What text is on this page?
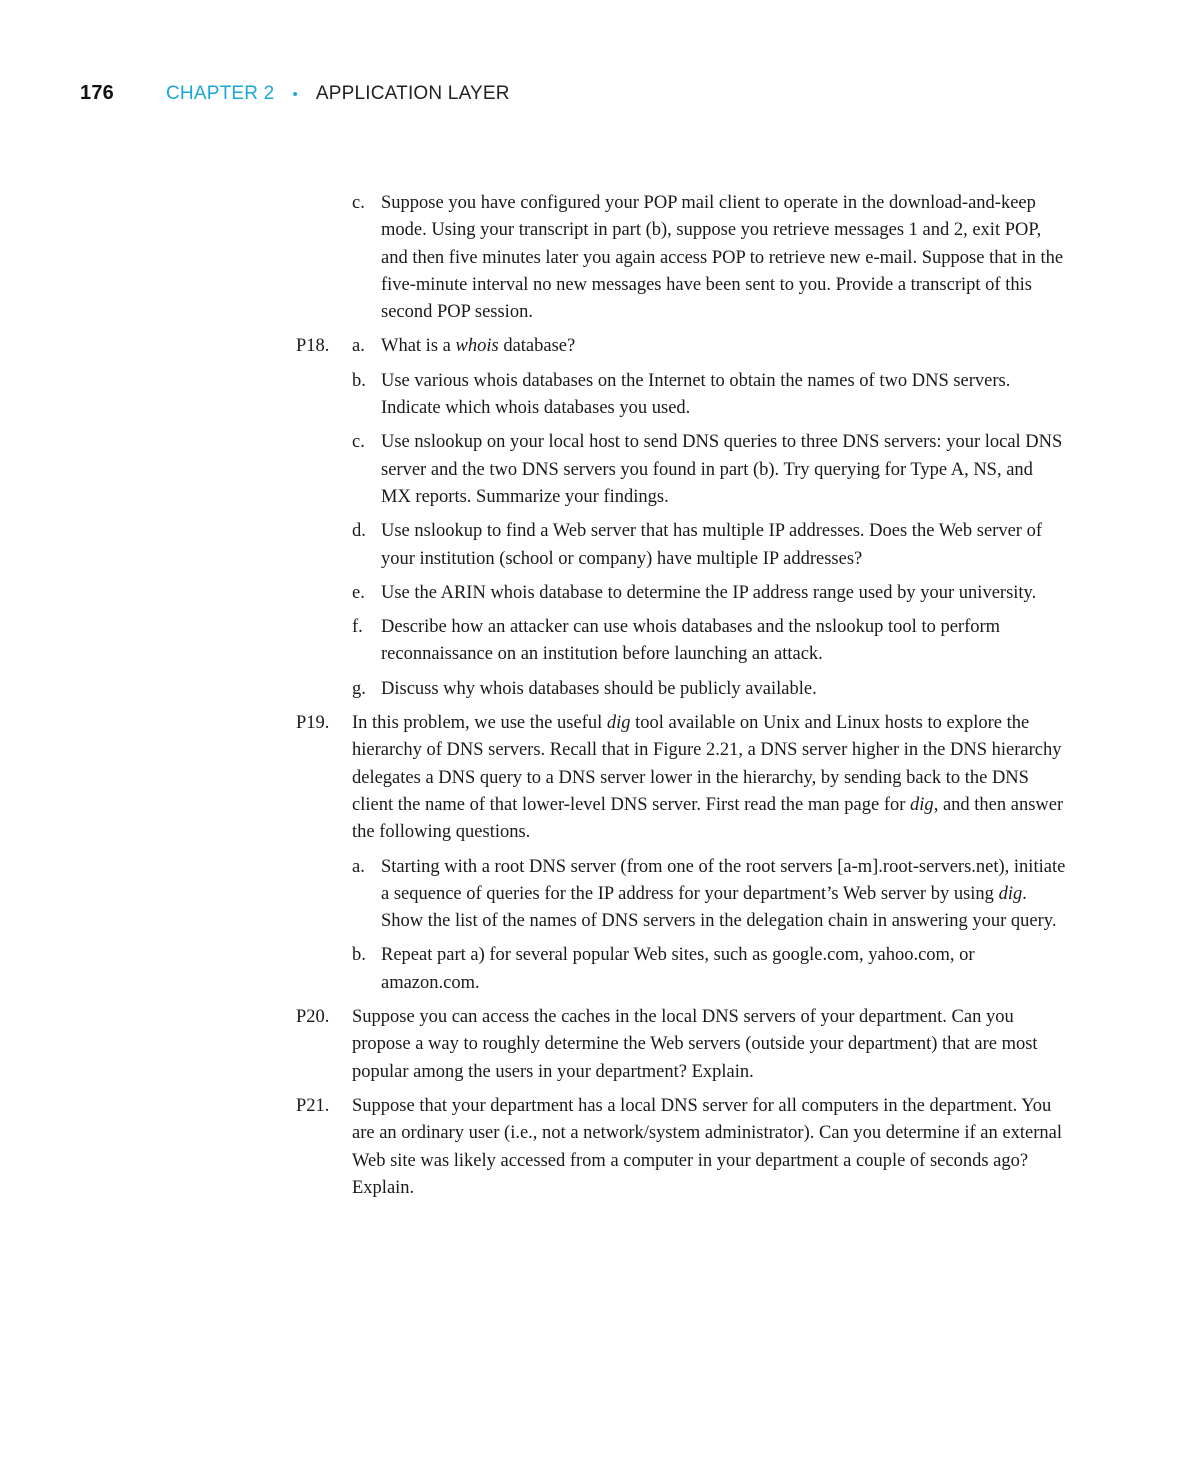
176	CHAPTER 2 • APPLICATION LAYER
c. Suppose you have configured your POP mail client to operate in the download-and-keep mode. Using your transcript in part (b), suppose you retrieve messages 1 and 2, exit POP, and then five minutes later you again access POP to retrieve new e-mail. Suppose that in the five-minute interval no new messages have been sent to you. Provide a transcript of this second POP session.

P18.	a. What is a whois database?

b. Use various whois databases on the Internet to obtain the names of two DNS servers. Indicate which whois databases you used.

c. Use nslookup on your local host to send DNS queries to three DNS servers: your local DNS server and the two DNS servers you found in part (b). Try querying for Type A, NS, and MX reports. Summarize your findings.

d. Use nslookup to find a Web server that has multiple IP addresses. Does the Web server of your institution (school or company) have multiple IP addresses?

e. Use the ARIN whois database to determine the IP address range used by your university.

f. Describe how an attacker can use whois databases and the nslookup tool to perform reconnaissance on an institution before launching an attack.

g. Discuss why whois databases should be publicly available.

P19.	In this problem, we use the useful dig tool available on Unix and Linux hosts to explore the hierarchy of DNS servers. Recall that in Figure 2.21, a DNS server higher in the DNS hierarchy delegates a DNS query to a DNS server lower in the hierarchy, by sending back to the DNS client the name of that lower-level DNS server. First read the man page for dig, and then answer the following questions.

a. Starting with a root DNS server (from one of the root servers [a-m].root-servers.net), initiate a sequence of queries for the IP address for your department’s Web server by using dig. Show the list of the names of DNS servers in the delegation chain in answering your query.

b. Repeat part a) for several popular Web sites, such as google.com, yahoo.com, or amazon.com.

P20.	Suppose you can access the caches in the local DNS servers of your department. Can you propose a way to roughly determine the Web servers (outside your department) that are most popular among the users in your department? Explain.

P21.	Suppose that your department has a local DNS server for all computers in the department. You are an ordinary user (i.e., not a network/system administrator). Can you determine if an external Web site was likely accessed from a computer in your department a couple of seconds ago? Explain.
